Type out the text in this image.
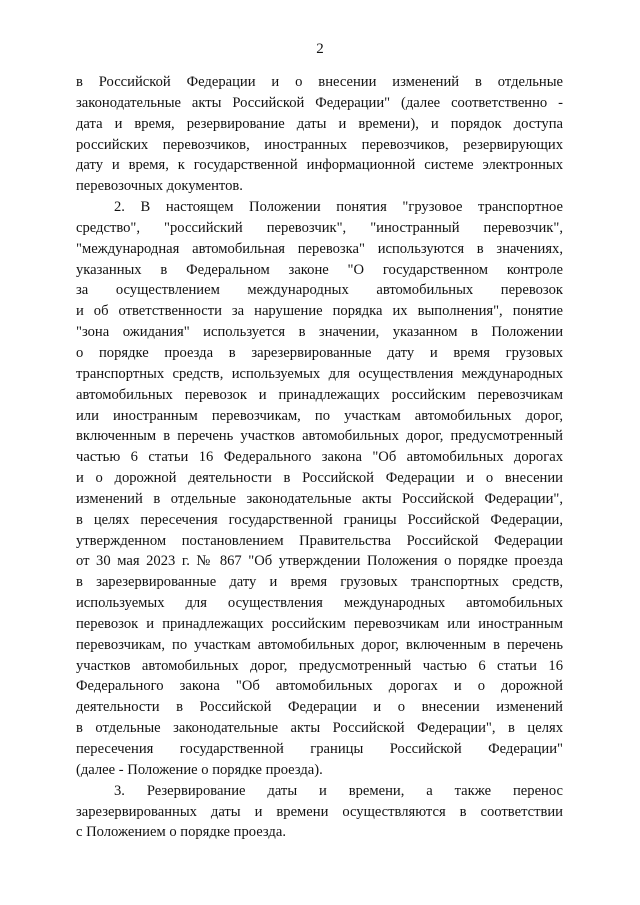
2
в Российской Федерации и о внесении изменений в отдельные
законодательные акты Российской Федерации" (далее соответственно -
дата и время, резервирование даты и времени), и порядок доступа
российских перевозчиков, иностранных перевозчиков, резервирующих
дату и время, к государственной информационной системе электронных
перевозочных документов.
2. В настоящем Положении понятия "грузовое транспортное
средство", "российский перевозчик", "иностранный перевозчик",
"международная автомобильная перевозка" используются в значениях,
указанных в Федеральном законе "О государственном контроле
за осуществлением международных автомобильных перевозок
и об ответственности за нарушение порядка их выполнения", понятие
"зона ожидания" используется в значении, указанном в Положении
о порядке проезда в зарезервированные дату и время грузовых
транспортных средств, используемых для осуществления международных
автомобильных перевозок и принадлежащих российским перевозчикам
или иностранным перевозчикам, по участкам автомобильных дорог,
включенным в перечень участков автомобильных дорог, предусмотренный
частью 6 статьи 16 Федерального закона "Об автомобильных дорогах
и о дорожной деятельности в Российской Федерации и о внесении
изменений в отдельные законодательные акты Российской Федерации",
в целях пересечения государственной границы Российской Федерации,
утвержденном постановлением Правительства Российской Федерации
от 30 мая 2023 г. № 867 "Об утверждении Положения о порядке проезда
в зарезервированные дату и время грузовых транспортных средств,
используемых для осуществления международных автомобильных
перевозок и принадлежащих российским перевозчикам или иностранным
перевозчикам, по участкам автомобильных дорог, включенным в перечень
участков автомобильных дорог, предусмотренный частью 6 статьи 16
Федерального закона "Об автомобильных дорогах и о дорожной
деятельности в Российской Федерации и о внесении изменений
в отдельные законодательные акты Российской Федерации", в целях
пересечения государственной границы Российской Федерации"
(далее - Положение о порядке проезда).
3. Резервирование даты и времени, а также перенос
зарезервированных даты и времени осуществляются в соответствии
с Положением о порядке проезда.
